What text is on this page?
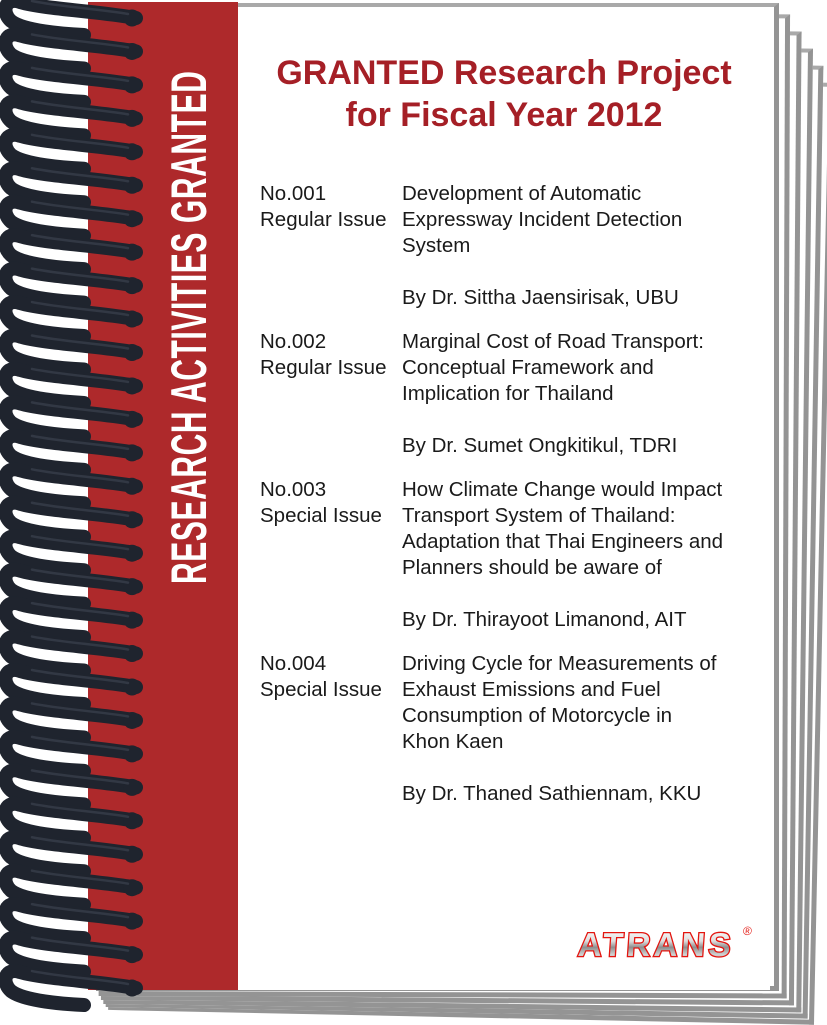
RESEARCH ACTIVITIES GRANTED	GRANTED Research Project
for Fiscal Year 2012
No.001
Regular Issue
Development of Automatic
Expressway Incident Detection
System
By Dr. Sittha Jaensirisak, UBU
No.002
Regular Issue
Marginal Cost of Road Transport:
Conceptual Framework and
Implication for Thailand
By Dr. Sumet Ongkitikul, TDRI
No.003
Special Issue
How Climate Change would Impact
Transport System of Thailand:
Adaptation that Thai Engineers and
Planners should be aware of
By Dr. Thirayoot Limanond, AIT
No.004
Special Issue
Driving Cycle for Measurements of
Exhaust Emissions and Fuel
Consumption of Motorcycle in
Khon Kaen
By Dr. Thaned Sathiennam, KKU
ATRANS ®
